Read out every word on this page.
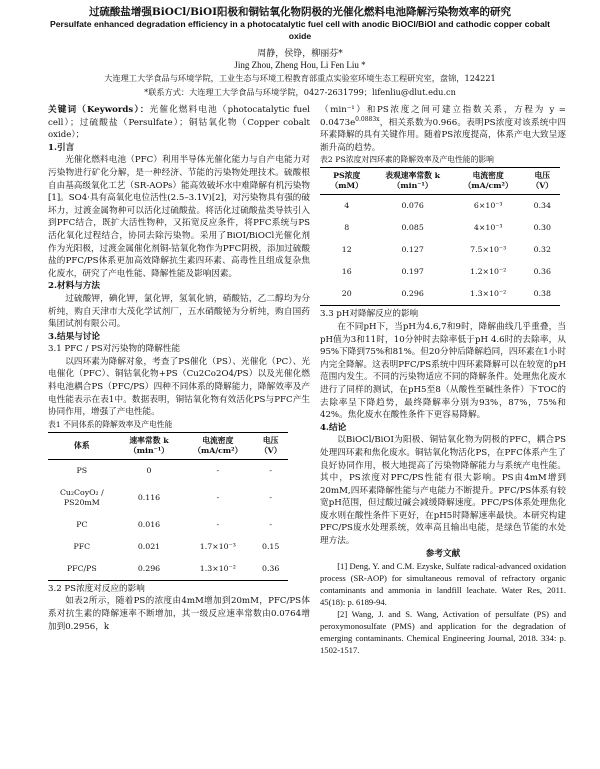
过硫酸盐增强BiOCl/BiOI阳极和铜钴氧化物阴极的光催化燃料电池降解污染物效率的研究
Persulfate enhanced degradation efficiency in a photocatalytic fuel cell with anodic BiOCl/BiOI and cathodic copper cobalt oxide
周静，侯铮，柳丽芬*
Jing Zhou, Zheng Hou, Li Fen Liu *
大连理工大学食品与环境学院，工业生态与环境工程教育部重点实验室环境生态工程研究室，盘锦，124221
*联系方式：大连理工大学食品与环境学院，0427-2631799；lifenliu@dlut.edu.cn

关键词（Keywords）：光催化燃料电池（photocatalytic fuel cell）；过硫酸盐（Persulfate）；铜钴氧化物（Copper cobalt oxide）；

1.引言

光催化燃料电池（PFC）利用半导体光催化能力与自产电能力对污染物进行矿化分解，是一种经济、节能的污染物处理技术。硫酸根自由基高级氧化工艺（SR-AOPs）能高效破坏水中难降解有机污染物[1]。SO4·具有高氧化电位活性(2.5–3.1V)[2]，对污染物具有强的破坏力，过渡金属物种可以活化过硫酸盐。将活化过硫酸盐类导铁引入到PFC结合，既扩大活性物种，又拓宽反应条件，将PFC系统与PS活化氧化过程结合，协同去除污染物。采用了BiOI/BiOCl光催化剂作为光阳极，过渡金属催化剂铜-钴氧化物作为PFC阴极，添加过硫酸盐的PFC/PS体系更加高效降解抗生素四环素、高毒性且组成复杂焦化废水，研究了产电性能、降解性能及影响因素。

2.材料与方法

过硫酸钾，碘化钾，氯化钾，氢氧化钠，硝酸钴，乙二醇均为分析纯，购自天津市大茂化学试剂厂，五水硝酸铋为分析纯，购自国药集团试剂有限公司。

3.结果与讨论

3.1 PFC / PS对污染物的降解性能

以四环素为降解对象，考查了PS催化（PS）、光催化（PC）、光电催化（PFC）、铜钴氧化物+PS（Cu2Co2O4/PS）以及光催化燃料电池耦合PS（PFC/PS）四种不同体系的降解能力，降解效率及产电性能表示在表1中。数据表明，铜钴氧化物有效活化PS与PFC产生协同作用，增强了产电性能。

表1 不同体系的降解效率及产电性能

体系	速率常数 k（min⁻¹）	电流密度（mA/cm²）	电压（V）
PS	0	-	-
Cu₂CoyO₂ / PS20mM	0.116	-	-
PC	0.016	-	-
PFC	0.021	1.7×10⁻³	0.15
PFC/PS	0.296	1.3×10⁻²	0.36

3.2 PS浓度对反应的影响

如表2所示，随着PS的浓度由4mM增加到20mM，PFC/PS体系对抗生素的降解速率不断增加，其一级反应速率常数由0.0764增加到0.2956，k

（min⁻¹）和PS浓度之间可建立指数关系，方程为 $y = 0.0473e^{0.0883x}$，相关系数为0.966。表明PS浓度对该系统中四环素降解的具有关键作用。随着PS浓度提高，体系产电大致呈逐渐升高的趋势。

表2 PS浓度对四环素的降解效率及产电性能的影响

PS浓度（mM）	表观速率常数 k（min⁻¹）	电流密度（mA/cm²）	电压（V）
4	0.076	6×10⁻³	0.34
8	0.085	4×10⁻³	0.30
12	0.127	7.5×10⁻³	0.32
16	0.197	1.2×10⁻²	0.36
20	0.296	1.3×10⁻²	0.38

3.3 pH对降解反应的影响

在不同pH下，当pH为4.6,7和9时，降解曲线几乎重叠，当pH值为3和11时，10分钟时去除率低于pH 4.6时的去除率，从95%下降到75%和81%。但20分钟后降解趋同，四环素在1小时内完全降解。这表明PFC/PS系统中四环素降解可以在较宽的pH范围内发生。不同的污染物适应不同的降解条件。处理焦化废水进行了同样的测试，在pH5至8（从酸性至碱性条件）下TOC的去除率呈下降趋势，最终降解率分别为93%，87%，75%和42%。焦化废水在酸性条件下更容易降解。

4.结论

以BiOCl/BiOI为阳极、铜钴氧化物为阴极的PFC，耦合PS处理四环素和焦化废水。铜钴氧化物活化PS，在PFC体系产生了良好协同作用，极大地提高了污染物降解能力与系统产电性能。其中，PS浓度对PFC/PS性能有很大影响。PS由4mM增到20mM,四环素降解性能与产电能力不断提升。PFC/PS体系有较宽pH范围，但过酸过碱会减缓降解速度。PFC/PS体系处理焦化废水则在酸性条件下更好，在pH5时降解速率最快。本研究构建PFC/PS废水处理系统，效率高且输出电能，是绿色节能的水处理方法。

参考文献

[1] Deng, Y. and C.M. Ezyske, Sulfate radical-advanced oxidation process (SR-AOP) for simultaneous removal of refractory organic contaminants and ammonia in landfill leachate. Water Res, 2011. 45(18): p. 6189-94.

[2] Wang, J. and S. Wang, Activation of persulfate (PS) and peroxymonosulfate (PMS) and application for the degradation of emerging contaminants. Chemical Engineering Journal, 2018. 334: p. 1502-1517.
